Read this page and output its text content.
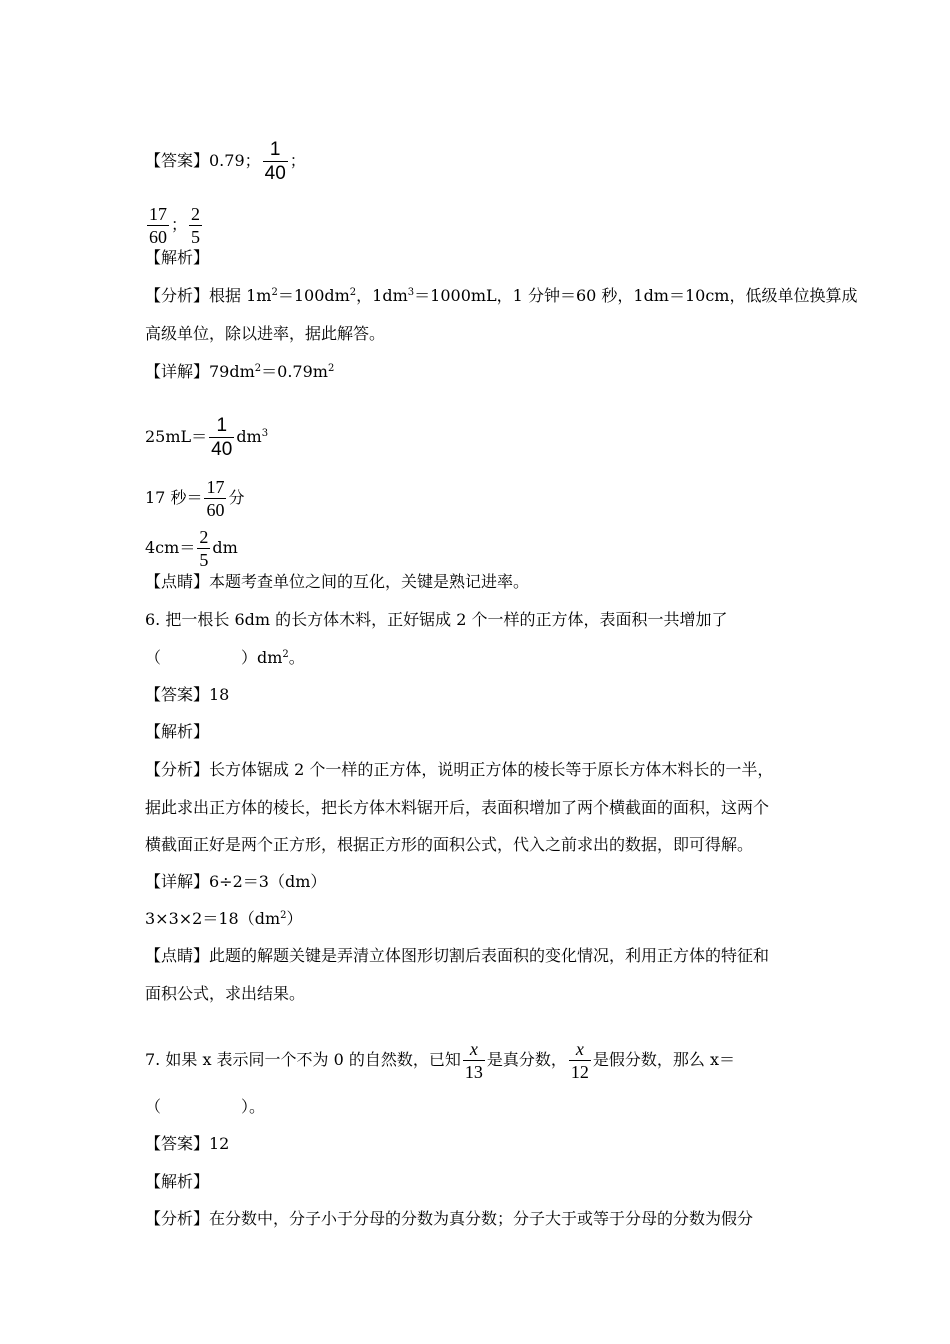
【答案】0.79； $\frac{1}{40}$ ；
$\frac{17}{60}$ ； $\frac{2}{5}$
【解析】
【分析】根据 $1m^2=100dm^2$，$1dm^3=1000mL$，1 分钟＝60 秒，1dm＝10cm，低级单位换算成
高级单位，除以进率，据此解答。
【详解】$79dm^2=0.79m^2$
$25mL= \frac{1}{40} dm^3$
17 秒＝ $\frac{17}{60}$ 分
$4cm= \frac{2}{5}$ dm
【点睛】本题考查单位之间的互化，关键是熟记进率。
6. 把一根长 6dm 的长方体木料，正好锯成 2 个一样的正方体，表面积一共增加了
（　　　　　）$dm^2$。
【答案】18
【解析】
【分析】长方体锯成 2 个一样的正方体，说明正方体的棱长等于原长方体木料长的一半，
据此求出正方体的棱长，把长方体木料锯开后，表面积增加了两个横截面的面积，这两个
横截面正好是两个正方形，根据正方形的面积公式，代入之前求出的数据，即可得解。
【详解】6÷2＝3（dm）
$3\times 3\times 2=18(dm^2)$
【点睛】此题的解题关键是弄清立体图形切割后表面积的变化情况，利用正方体的特征和
面积公式，求出结果。
7. 如果 x 表示同一个不为 0 的自然数，已知 $\frac{x}{13}$ 是真分数， $\frac{x}{12}$ 是假分数，那么 x＝
（　　　　　）。
【答案】12
【解析】
【分析】在分数中，分子小于分母的分数为真分数；分子大于或等于分母的分数为假分
